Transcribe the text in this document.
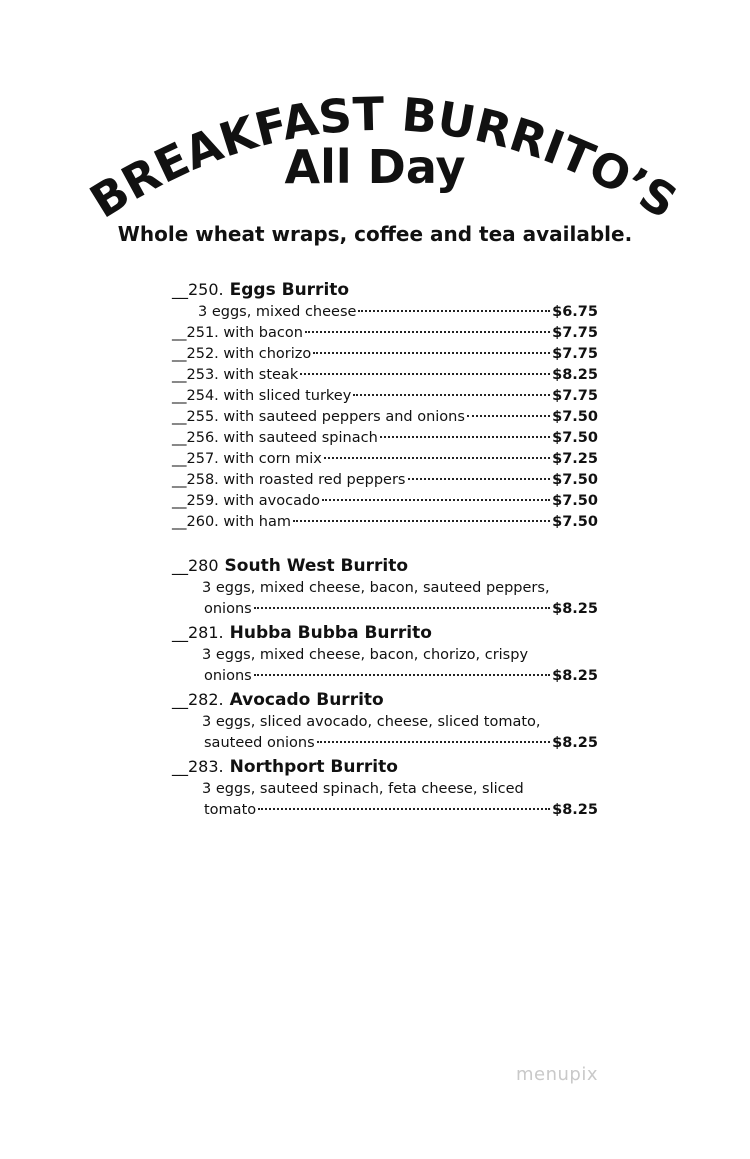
BREAKFAST BURRITO’S
All Day
Whole wheat wraps, coffee and tea available.
__250. Eggs Burrito
3 eggs, mixed cheese	$6.75
__251. with bacon	$7.75
__252. with chorizo	$7.75
__253. with steak	$8.25
__254. with sliced turkey	$7.75
__255. with sauteed peppers and onions	$7.50
__256. with sauteed spinach	$7.50
__257. with corn mix	$7.25
__258. with roasted red peppers	$7.50
__259. with avocado	$7.50
__260. with ham	$7.50
__280 South West Burrito
3 eggs, mixed cheese, bacon, sauteed peppers,
onions	$8.25
__281. Hubba Bubba Burrito
3 eggs, mixed cheese, bacon, chorizo, crispy
onions	$8.25
__282. Avocado Burrito
3 eggs, sliced avocado, cheese, sliced tomato,
sauteed onions	$8.25
__283. Northport Burrito
3 eggs, sauteed spinach, feta cheese, sliced
tomato	$8.25
menupix
